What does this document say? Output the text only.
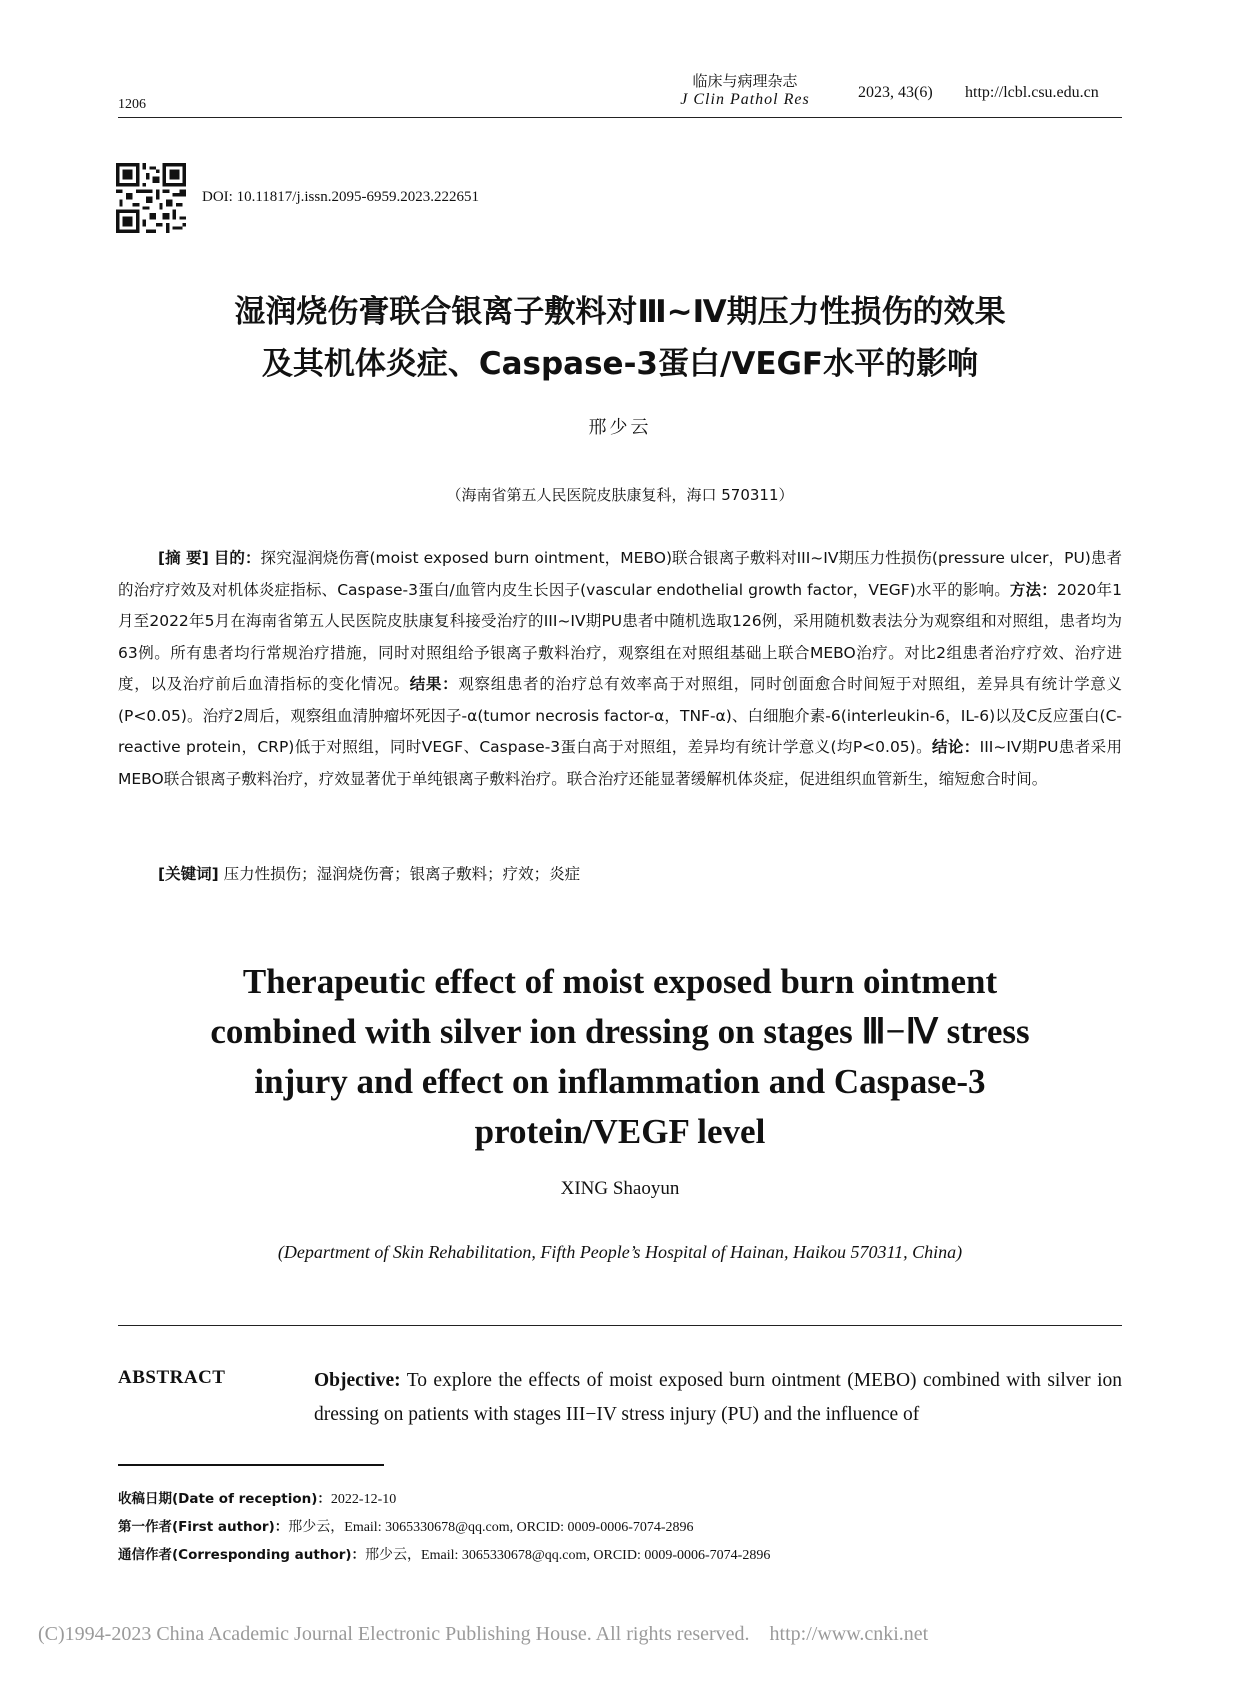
1206
临床与病理杂志
J Clin Pathol Res	2023, 43(6) http://lcbl.csu.edu.cn
DOI: 10.11817/j.issn.2095-6959.2023.222651
湿润烧伤膏联合银离子敷料对Ⅲ~Ⅳ期压力性损伤的效果
及其机体炎症、Caspase-3蛋白/VEGF水平的影响
邢少云
（海南省第五人民医院皮肤康复科，海口 570311）

[摘 要] 目的：探究湿润烧伤膏(moist exposed burn ointment，MEBO)联合银离子敷料对III~IV期压力性损伤(pressure ulcer，PU)患者的治疗疗效及对机体炎症指标、Caspase-3蛋白/血管内皮生长因子(vascular endothelial growth factor，VEGF)水平的影响。方法：2020年1月至2022年5月在海南省第五人民医院皮肤康复科接受治疗的III~IV期PU患者中随机选取126例，采用随机数表法分为观察组和对照组，患者均为63例。所有患者均行常规治疗措施，同时对照组给予银离子敷料治疗，观察组在对照组基础上联合MEBO治疗。对比2组患者治疗疗效、治疗进度，以及治疗前后血清指标的变化情况。结果：观察组患者的治疗总有效率高于对照组，同时创面愈合时间短于对照组，差异具有统计学意义(P<0.05)。治疗2周后，观察组血清肿瘤坏死因子-α(tumor necrosis factor-α，TNF-α)、白细胞介素-6(interleukin-6，IL-6)以及C反应蛋白(C-reactive protein，CRP)低于对照组，同时VEGF、Caspase-3蛋白高于对照组，差异均有统计学意义(均P<0.05)。结论：III~IV期PU患者采用MEBO联合银离子敷料治疗，疗效显著优于单纯银离子敷料治疗。联合治疗还能显著缓解机体炎症，促进组织血管新生，缩短愈合时间。

[关键词] 压力性损伤；湿润烧伤膏；银离子敷料；疗效；炎症

Therapeutic effect of moist exposed burn ointment
combined with silver ion dressing on stages Ⅲ−Ⅳ stress
injury and effect on inflammation and Caspase-3
protein/VEGF level
XING Shaoyun
(Department of Skin Rehabilitation, Fifth People’s Hospital of Hainan, Haikou 570311, China)
ABSTRACT	Objective: To explore the effects of moist exposed burn ointment (MEBO) combined with silver ion dressing on patients with stages III−IV stress injury (PU) and the influence of

收稿日期(Date of reception)：2022-12-10
第一作者(First author)：邢少云，Email: 3065330678@qq.com, ORCID: 0009-0006-7074-2896
通信作者(Corresponding author)：邢少云，Email: 3065330678@qq.com, ORCID: 0009-0006-7074-2896
(C)1994-2023 China Academic Journal Electronic Publishing House. All rights reserved.    http://www.cnki.net
